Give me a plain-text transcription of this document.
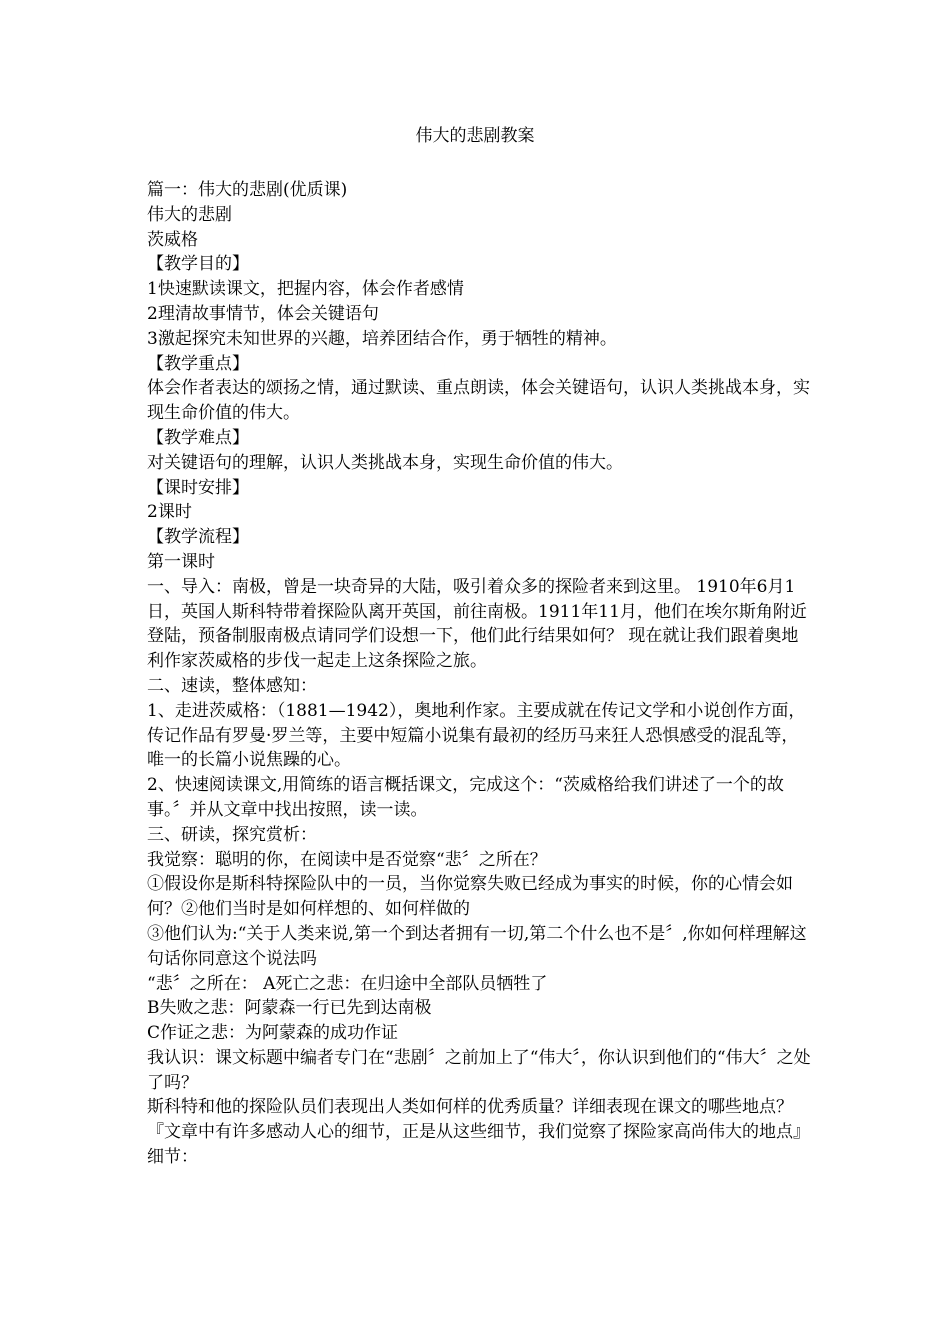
伟大的悲剧教案

篇一：伟大的悲剧(优质课)

伟大的悲剧

茨威格

【教学目的】

1快速默读课文，把握内容，体会作者感情

2理清故事情节，体会关键语句

3激起探究未知世界的兴趣，培养团结合作，勇于牺牲的精神。

【教学重点】

体会作者表达的颂扬之情，通过默读、重点朗读，体会关键语句，认识人类挑战本身，实现生命价值的伟大。

【教学难点】

对关键语句的理解，认识人类挑战本身，实现生命价值的伟大。

【课时安排】

2课时

【教学流程】

第一课时

一、导入：南极，曾是一块奇异的大陆，吸引着众多的探险者来到这里。 1910年6月1日，英国人斯科特带着探险队离开英国，前往南极。1911年11月，他们在埃尔斯角附近登陆，预备制服南极点请同学们设想一下，他们此行结果如何？ 现在就让我们跟着奥地利作家茨威格的步伐一起走上这条探险之旅。

二、速读，整体感知：

1、走进茨威格：（1881—1942），奥地利作家。主要成就在传记文学和小说创作方面，传记作品有罗曼·罗兰等，主要中短篇小说集有最初的经历马来狂人恐惧感受的混乱等，唯一的长篇小说焦躁的心。

2、快速阅读课文,用简练的语言概括课文，完成这个：“茨威格给我们讲述了一个的故事。〞并从文章中找出按照，读一读。

三、研读，探究赏析：

我觉察：聪明的你，在阅读中是否觉察“悲〞之所在？

①假设你是斯科特探险队中的一员，当你觉察失败已经成为事实的时候，你的心情会如何？②他们当时是如何样想的、如何样做的

③他们认为:“关于人类来说,第一个到达者拥有一切,第二个什么也不是〞,你如何样理解这句话你同意这个说法吗

“悲〞之所在： A死亡之悲：在归途中全部队员牺牲了

B失败之悲：阿蒙森一行已先到达南极

C作证之悲：为阿蒙森的成功作证

我认识：课文标题中编者专门在“悲剧〞之前加上了“伟大〞，你认识到他们的“伟大〞之处了吗？

斯科特和他的探险队员们表现出人类如何样的优秀质量？详细表现在课文的哪些地点？

『文章中有许多感动人心的细节，正是从这些细节，我们觉察了探险家高尚伟大的地点』细节：
